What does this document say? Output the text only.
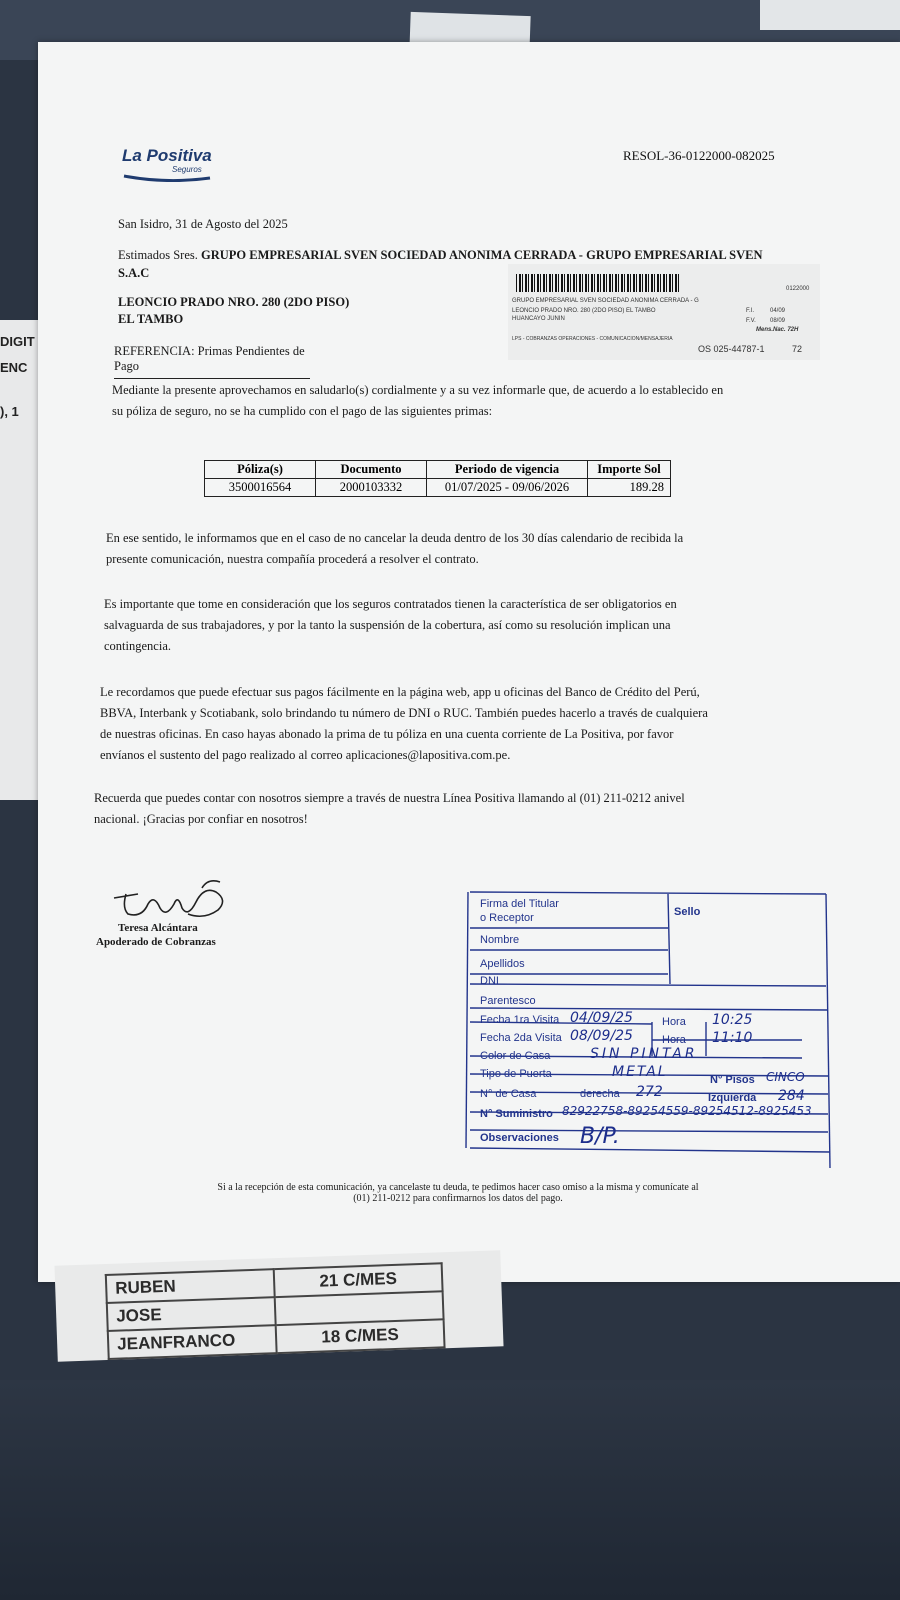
DIGIT
ENC
), 1
La Positiva
Seguros
RESOL-36-0122000-082025
San Isidro, 31 de Agosto del 2025
Estimados Sres. GRUPO EMPRESARIAL SVEN SOCIEDAD ANONIMA CERRADA - GRUPO EMPRESARIAL SVEN
S.A.C
LEONCIO PRADO NRO. 280 (2DO PISO)
EL TAMBO
REFERENCIA: Primas Pendientes de Pago
0122000
GRUPO EMPRESARIAL SVEN SOCIEDAD ANONIMA CERRADA - G
LEONCIO PRADO NRO. 280 (2DO PISO) EL TAMBO
HUANCAYO JUNIN
F.I.	04/09
F.V. 08/09
Mens.Nac. 72H
LPS - COBRANZAS OPERACIONES - COMUNICACION/MENSAJERIA
OS 025-44787-1	72
Mediante la presente aprovechamos en saludarlo(s) cordialmente y a su vez informarle que, de acuerdo a lo establecido en
su póliza de seguro, no se ha cumplido con el pago de las siguientes primas:
Póliza(s)	Documento	Periodo de vigencia	Importe Sol
3500016564	2000103332	01/07/2025 - 09/06/2026	189.28
En ese sentido, le informamos que en el caso de no cancelar la deuda dentro de los 30 días calendario de recibida la
presente comunicación, nuestra compañía procederá a resolver el contrato.
Es importante que tome en consideración que los seguros contratados tienen la característica de ser obligatorios en
salvaguarda de sus trabajadores, y por la tanto la suspensión de la cobertura, así como su resolución implican una
contingencia.
Le recordamos que puede efectuar sus pagos fácilmente en la página web, app u oficinas del Banco de Crédito del Perú,
BBVA, Interbank y Scotiabank, solo brindando tu número de DNI o RUC. También puedes hacerlo a través de cualquiera
de nuestras oficinas. En caso hayas abonado la prima de tu póliza en una cuenta corriente de La Positiva, por favor
envíanos el sustento del pago realizado al correo aplicaciones@lapositiva.com.pe.
Recuerda que puedes contar con nosotros siempre a través de nuestra Línea Positiva llamando al (01) 211-0212 anivel
nacional. ¡Gracias por confiar en nosotros!
Teresa Alcántara
Apoderado de Cobranzas
Firma del Titular
o Receptor	Sello
Nombre
Apellidos
DNI
Parentesco
Fecha 1ra Visita 04/09/25	Hora 10:25
Fecha 2da Visita 08/09/25	Hora 11:10
Color de Casa	SIN PINTAR
Tipo de Puerta	METAL	N° Pisos CINCO
N° de Casa	derecha 272	Izquierda 284
N° Suministro 82922758-89254559-89254512-8925453
Observaciones B/P.
Si a la recepción de esta comunicación, ya cancelaste tu deuda, te pedimos hacer caso omiso a la misma y comunícate al
(01) 211-0212 para confirmarnos los datos del pago.
RUBEN	21 C/MES
JOSE	
JEANFRANCO	18 C/MES
